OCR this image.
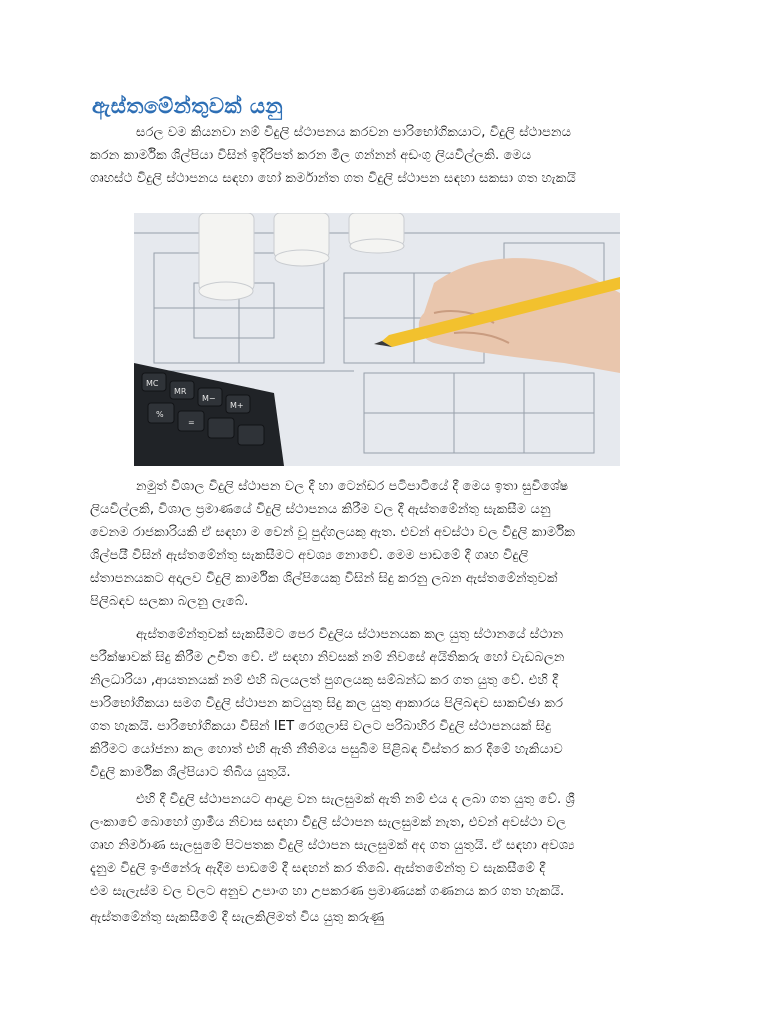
ඇස්තමේන්තුවක් යනු
සරල වම කියනවා නම් විදුලි ස්ථාපනය කරවන පාරිභෝගිකයාට, විදුලි ස්ථාපනය
කරන කාර්මික ශිල්පියා විසින් ඉදිරිපත් කරන මිල ගන්නන් අඩංගු ලියවිල්ලකි. මෙය
ගෘහස්ථ විදුලි ස්ථාපනය සඳහා හෝ කර්මාන්ත ගත විදුලි ස්ථාපන සඳහා සකසා ගත හැකයි
MC
MR
M−
M+
%
=
නමුත් විශාල විදුලි ස්ථාපන වල දී හා ටෙන්ඩර පටිපාටියේ දී මෙය ඉතා සුවිශේෂ
ලියවිල්ලකි, විශාල ප්‍රමාණයේ විදුලි ස්ථාපනය කිරීම වල දී ඇස්තමේන්තු සැකසීම යනු
වෙනම රාජකාරියකි ඒ සඳහා ම වෙන් වූ පුද්ගලයකු ඇත. එවන් අවස්ථා වල විදුලි කාර්මික
ශිල්පයී විසින් ඇස්තමේන්තු සැකසීමට අවශ්‍ය නොවේ. මෙම පාඩමේ දී ගෘහ විදුලි
ස්තාපනයකට අදාලව විදුලි කාර්මික ශිල්පියෙකු විසින් සිදු කරනු ලබන ඇස්තමේන්තුවක්
පිලිබඳව සලකා බලනු ලැබේ.
ඇස්තමේන්තුවක් සැකසීමට පෙර විදුලිය ස්ථාපනයක කල යුතු ස්ථානයේ ස්ථාන
පරීක්ෂාවක් සිදු කිරීම උචිත වේ. ඒ සඳහා නිවසක් නම් නිවසේ අයිතිකරු හෝ වැඩබලන
නිලධාරියා ,ආයතනයක් නම් එහි බලයලත් පුගලයකු සම්බන්ධ කර ගත යුතු වේ. එහි දී
පාරිභෝගිකයා සමග විදුලි ස්ථාපන කටයුතු සිදු කල යුතු ආකාරය පිලිබඳව සාකච්ඡා කර
ගත හැකයි. පාරිභෝගිකයා විසින් IET රෙගුලාසි වලට පරිබාහිර විදුලි ස්ථාපනයක් සිදු
කිරීමට යෝජනා කල හොත් එහි ඇති නීතිමය පසුබිම පිළිබඳ විස්තර කර දීමේ හැකියාව
විදුලි කාර්මික ශිල්පියාට තිබිය යුතුයි.
එහි දී විදුලි ස්ථාපනයට ආදාළ වන සැලසුමක් ඇති නම් එය ද ලබා ගත යුතු වේ. ශ්‍රී
ලංකාවේ බොහෝ ග්‍රාමීය නිවාස සඳහා විදුලි ස්ථාපන සැලසුමක් නැත, එවන් අවස්ථා වල
ගෘහ නිර්මාණ සැලසුමේ පිටපතක විදුලි ස්ථාපන සැලසුමක් අද ගත යුතුයි. ඒ සඳහා අවශ්‍ය
දැනුම විදුලි ඉංජිනේරු ඇදීම පාඩමේ දී සඳහන් කර තිබේ. ඇස්තමේන්තු ව සැකසීමේ දී
එම සැලැස්ම වල වලට අනුව උපාංග හා උපකරණ ප්‍රමාණයක් ගණනය කර ගත හැකයි.
ඇස්තමේන්තු සැකසීමේ දී සැලකිලිමත් විය යුතු කරුණු
